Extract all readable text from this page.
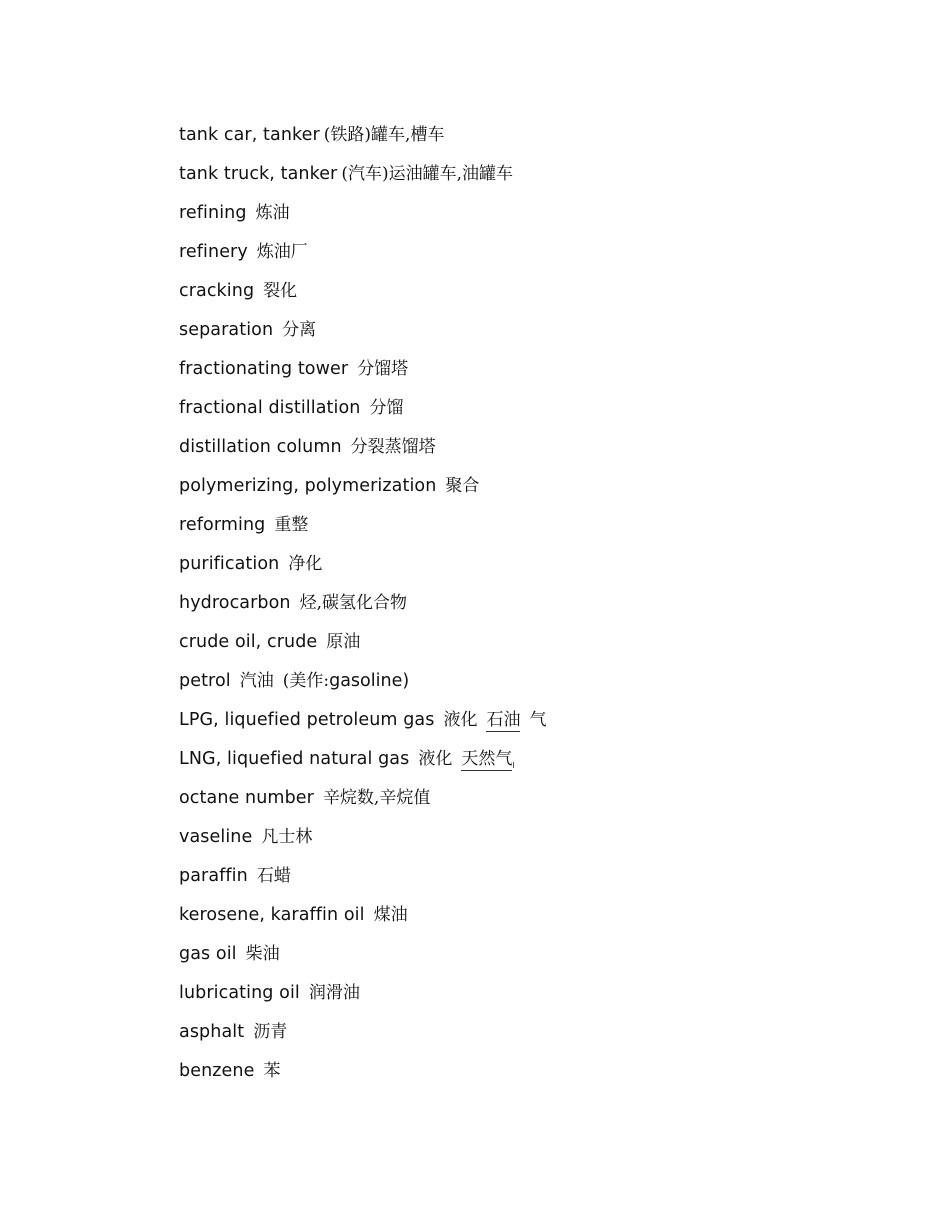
tank car, tanker (铁路)罐车,槽车
tank truck, tanker (汽车)运油罐车,油罐车
refining 炼油
refinery 炼油厂
cracking 裂化
separation 分离
fractionating tower 分馏塔
fractional distillation 分馏
distillation column 分裂蒸馏塔
polymerizing, polymerization 聚合
reforming 重整
purification 净化
hydrocarbon 烃,碳氢化合物
crude oil, crude 原油
petrol 汽油 (美作:gasoline)
LPG, liquefied petroleum gas 液化 石油 气
LNG, liquefied natural gas 液化 天然气
octane number 辛烷数,辛烷值
vaseline 凡士林
paraffin 石蜡
kerosene, karaffin oil 煤油
gas oil 柴油
lubricating oil 润滑油
asphalt 沥青
benzene 苯
